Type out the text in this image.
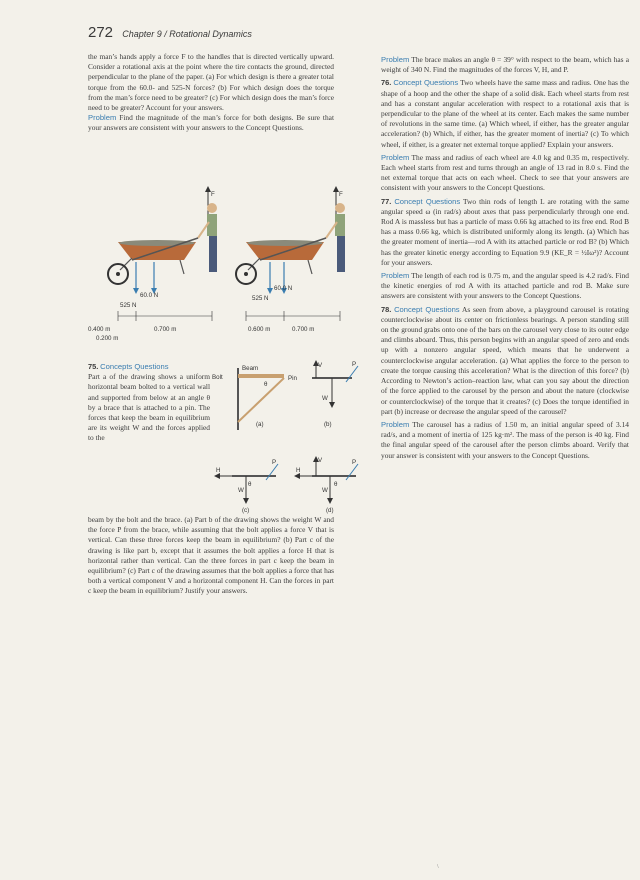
272 Chapter 9 / Rotational Dynamics

the man’s hands apply a force F to the handles that is directed vertically upward. Consider a rotational axis at the point where the tire contacts the ground, directed perpendicular to the plane of the paper. (a) For which design is there a greater total torque from the 60.0- and 525-N forces? (b) For which design does the torque from the man’s force need to be greater? (c) For which design does the man’s force need to be greater? Account for your answers.

Problem Find the magnitude of the man’s force for both designs. Be sure that your answers are consistent with your answers to the Concept Questions.

F
60.0 N
525 N
0.400 m	0.700 m
0.200 m
F
60.0 N
525 N
0.600 m	0.700 m
75. Concepts Questions
Part a of the drawing shows a uniform horizontal beam bolted to a vertical wall and supported from below at an angle θ by a brace that is attached to a pin. The forces that keep the beam in equilibrium are its weight W and the forces applied to the
Bolt
Beam
Pin
θ
(a)
V	P
W
(b)
H
P
W
θ
(c)
H
V	P
W
θ
(d)
beam by the bolt and the brace. (a) Part b of the drawing shows the weight W and the force P from the brace, while assuming that the bolt applies a force V that is vertical. Can these three forces keep the beam in equilibrium? (b) Part c of the drawing is like part b, except that it assumes the bolt applies a force H that is horizontal rather than vertical. Can the three forces in part c keep the beam in equilibrium? (c) Part c of the drawing assumes that the bolt applies a force that has both a vertical component V and a horizontal component H. Can the forces in part c keep the beam in equilibrium? Justify your answers.

Problem The brace makes an angle θ = 39° with respect to the beam, which has a weight of 340 N. Find the magnitudes of the forces V, H, and P.

76. Concept Questions Two wheels have the same mass and radius. One has the shape of a hoop and the other the shape of a solid disk. Each wheel starts from rest and has a constant angular acceleration with respect to a rotational axis that is perpendicular to the plane of the wheel at its center. Each makes the same number of revolutions in the same time. (a) Which wheel, if either, has the greater angular acceleration? (b) Which, if either, has the greater moment of inertia? (c) To which wheel, if either, is a greater net external torque applied? Explain your answers.

Problem The mass and radius of each wheel are 4.0 kg and 0.35 m, respectively. Each wheel starts from rest and turns through an angle of 13 rad in 8.0 s. Find the net external torque that acts on each wheel. Check to see that your answers are consistent with your answers to the Concept Questions.

77. Concept Questions Two thin rods of length L are rotating with the same angular speed ω (in rad/s) about axes that pass perpendicularly through one end. Rod A is massless but has a particle of mass 0.66 kg attached to its free end. Rod B has a mass 0.66 kg, which is distributed uniformly along its length. (a) Which has the greater moment of inertia—rod A with its attached particle or rod B? (b) Which has the greater kinetic energy according to Equation 9.9 (KE_R = ½Iω²)? Account for your answers.

Problem The length of each rod is 0.75 m, and the angular speed is 4.2 rad/s. Find the kinetic energies of rod A with its attached particle and rod B. Make sure answers are consistent with your answers to the Concept Questions.

78. Concept Questions As seen from above, a playground carousel is rotating counterclockwise about its center on frictionless bearings. A person standing still on the ground grabs onto one of the bars on the carousel very close to its outer edge and climbs aboard. Thus, this person begins with an angular speed of zero and ends up with a nonzero angular speed, which means that he underwent a counterclockwise angular acceleration. (a) What applies the force to the person to create the torque causing this acceleration? What is the direction of this force? (b) According to Newton’s action–reaction law, what can you say about the direction of the force applied to the carousel by the person and about the nature (clockwise or counterclockwise) of the torque that it creates? (c) Does the torque identified in part (b) increase or decrease the angular speed of the carousel?

Problem The carousel has a radius of 1.50 m, an initial angular speed of 3.14 rad/s, and a moment of inertia of 125 kg·m². The mass of the person is 40 kg. Find the final angular speed of the carousel after the person climbs aboard. Verify that your answer is consistent with your answers to the Concept Questions.

\
